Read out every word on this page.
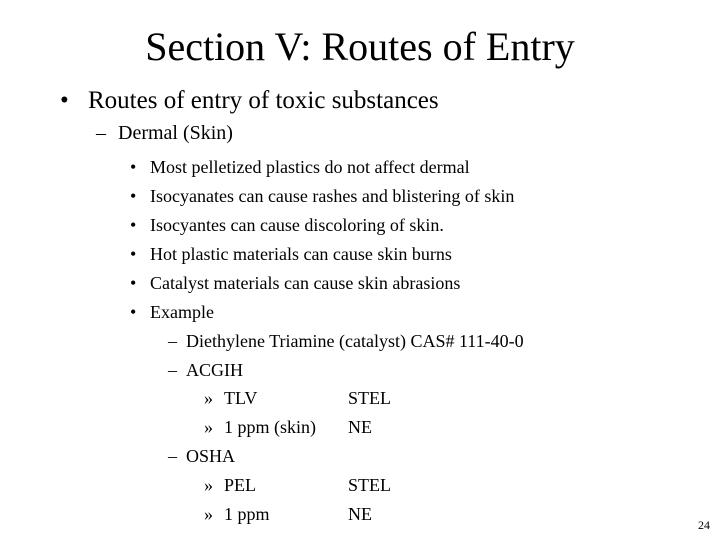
Section V: Routes of Entry
• Routes of entry of toxic substances
– Dermal (Skin)
• Most pelletized plastics do not affect dermal
• Isocyanates can cause rashes and blistering of skin
• Isocyantes can cause discoloring of skin.
• Hot plastic materials can cause skin burns
• Catalyst materials can cause skin abrasions
• Example
– Diethylene Triamine (catalyst) CAS# 111-40-0
– ACGIH
» TLV	STEL
» 1 ppm (skin) NE
– OSHA
» PEL	STEL
» 1 ppm	NE
24
